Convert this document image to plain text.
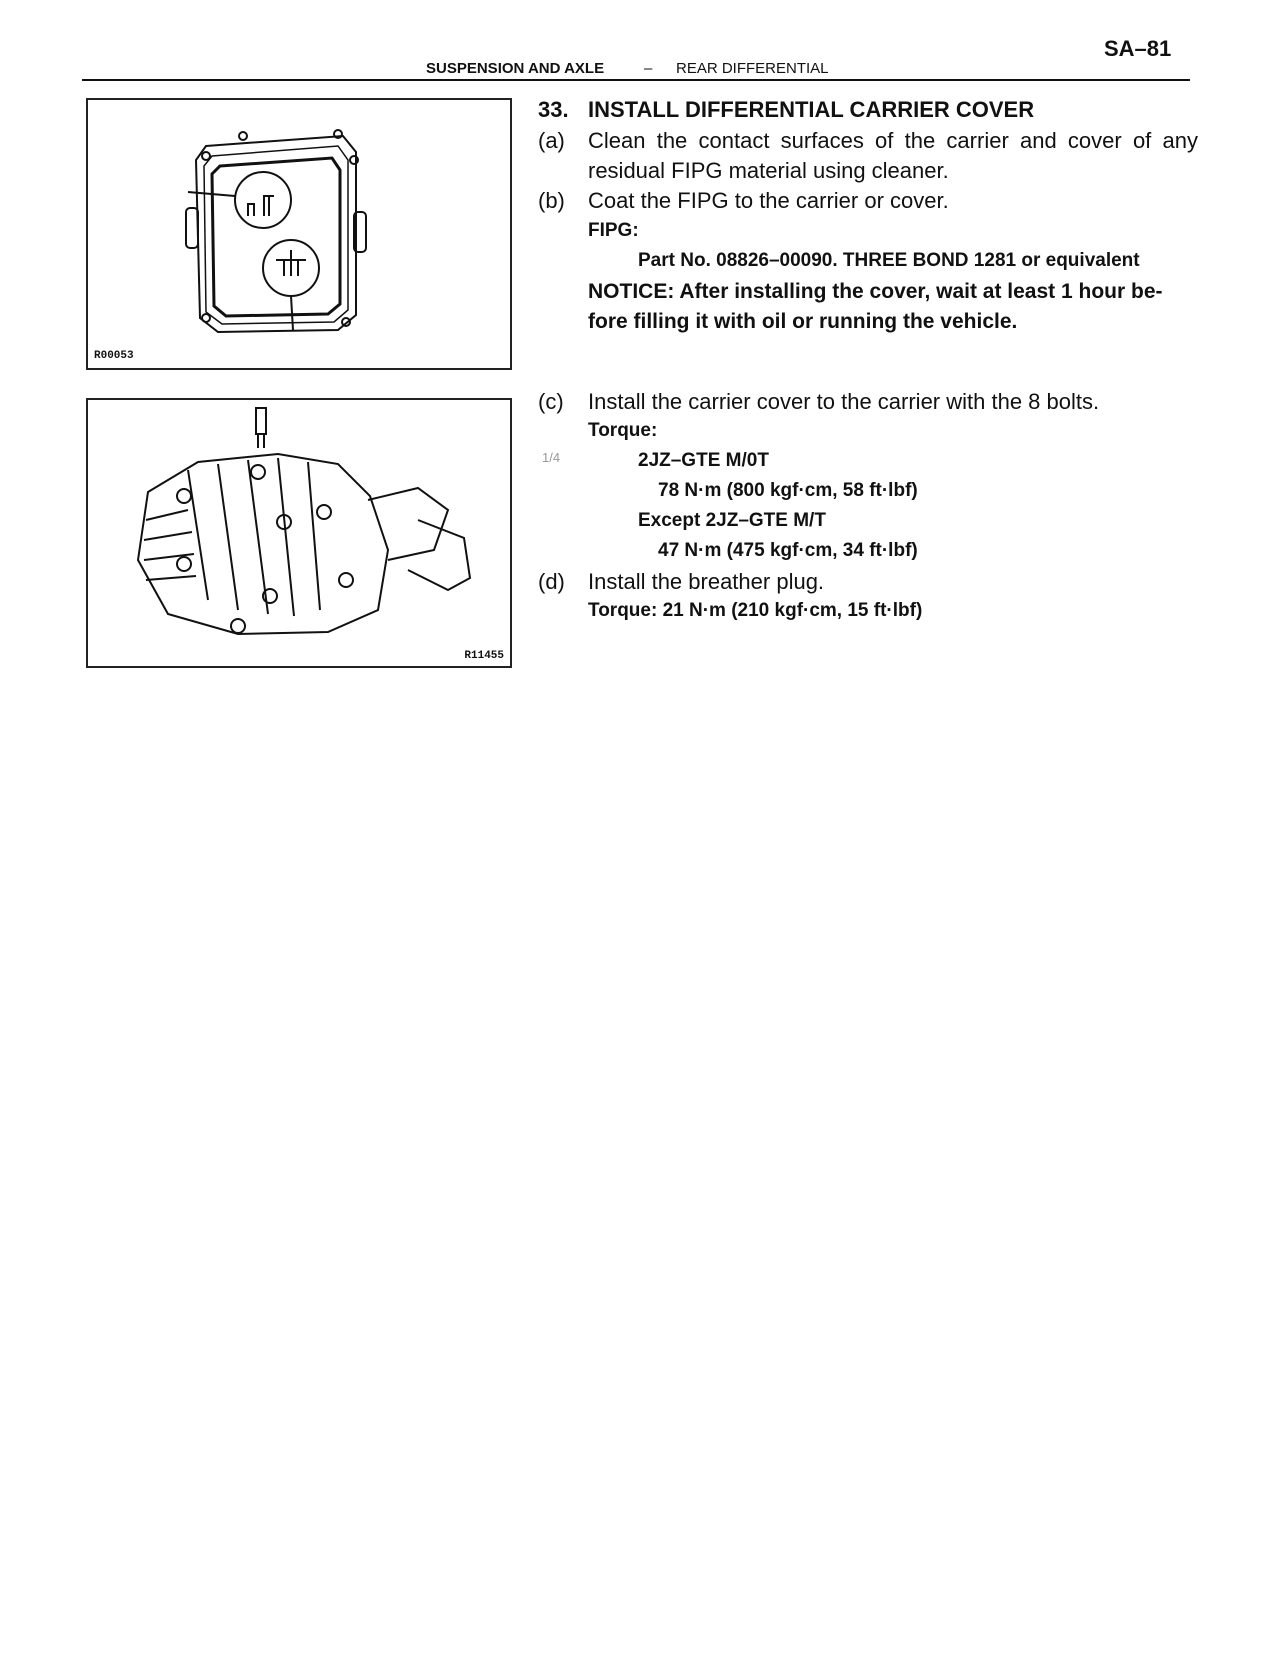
SA–81
SUSPENSION AND AXLE	– REAR DIFFERENTIAL
R00053
R11455
33. INSTALL DIFFERENTIAL CARRIER COVER
(a) Clean the contact surfaces of the carrier and cover of any
residual FIPG material using cleaner.
(b) Coat the FIPG to the carrier or cover.
FIPG:
Part No. 08826–00090. THREE BOND 1281 or equivalent
NOTICE: After installing the cover, wait at least 1 hour be-
fore filling it with oil or running the vehicle.
(c) Install the carrier cover to the carrier with the 8 bolts.
Torque:
1/4	2JZ–GTE M/0T
78 N·m (800 kgf·cm, 58 ft·lbf)
Except 2JZ–GTE M/T
47 N·m (475 kgf·cm, 34 ft·lbf)
(d) Install the breather plug.
Torque: 21 N·m (210 kgf·cm, 15 ft·lbf)
